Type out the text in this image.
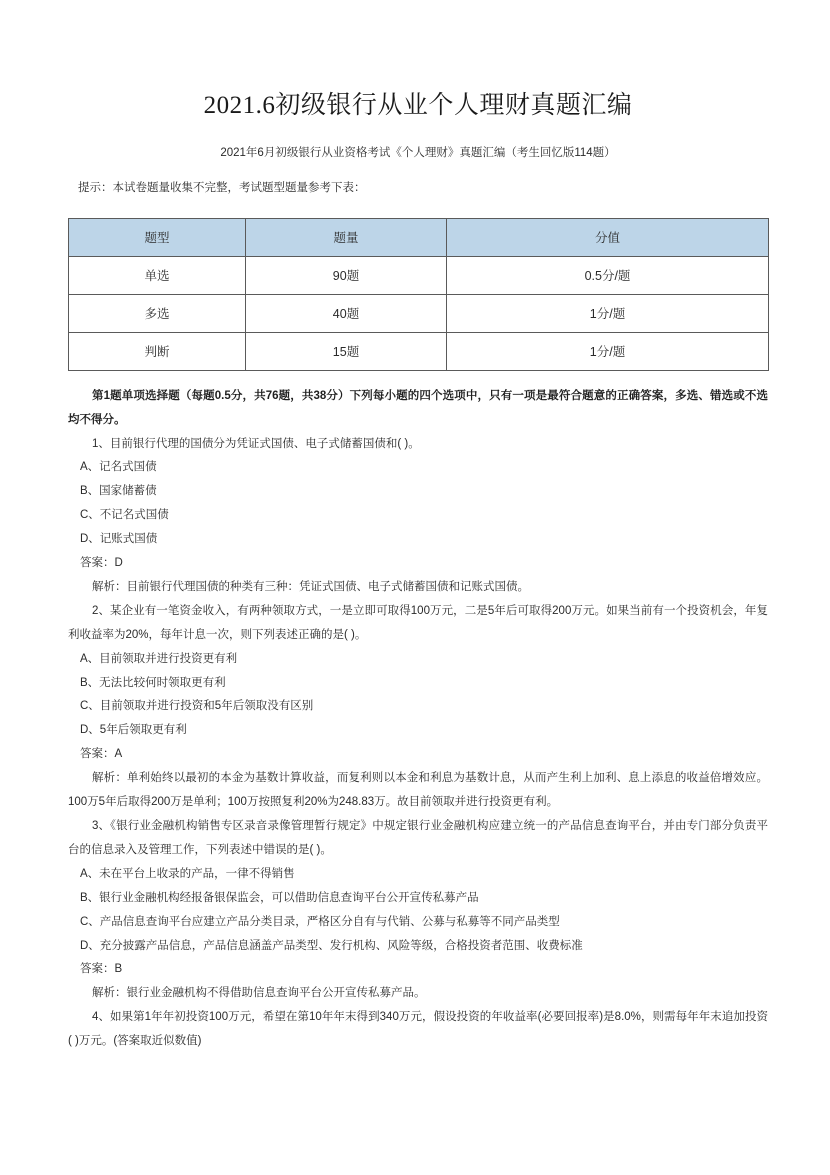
2021.6初级银行从业个人理财真题汇编

2021年6月初级银行从业资格考试《个人理财》真题汇编（考生回忆版114题）

提示：本试卷题量收集不完整，考试题型题量参考下表：

题型	题量	分值
单选	90题	0.5分/题
多选	40题	1分/题
判断	15题	1分/题

第1题单项选择题（每题0.5分，共76题，共38分）下列每小题的四个选项中，只有一项是最符合题意的正确答案，多选、错选或不选均不得分。

1、目前银行代理的国债分为凭证式国债、电子式储蓄国债和( )。

A、记名式国债

B、国家储蓄债

C、不记名式国债

D、记账式国债

答案：D

解析：目前银行代理国债的种类有三种：凭证式国债、电子式储蓄国债和记账式国债。

2、某企业有一笔资金收入，有两种领取方式，一是立即可取得100万元，二是5年后可取得200万元。如果当前有一个投资机会，年复利收益率为20%，每年计息一次，则下列表述正确的是( )。

A、目前领取并进行投资更有利

B、无法比较何时领取更有利

C、目前领取并进行投资和5年后领取没有区别

D、5年后领取更有利

答案：A

解析：单利始终以最初的本金为基数计算收益，而复利则以本金和利息为基数计息，从而产生利上加利、息上添息的收益倍增效应。100万5年后取得200万是单利；100万按照复利20%为248.83万。故目前领取并进行投资更有利。

3、《银行业金融机构销售专区录音录像管理暂行规定》中规定银行业金融机构应建立统一的产品信息查询平台，并由专门部分负责平台的信息录入及管理工作，下列表述中错误的是( )。

A、未在平台上收录的产品，一律不得销售

B、银行业金融机构经报备银保监会，可以借助信息查询平台公开宣传私募产品

C、产品信息查询平台应建立产品分类目录，严格区分自有与代销、公募与私募等不同产品类型

D、充分披露产品信息，产品信息涵盖产品类型、发行机构、风险等级，合格投资者范围、收费标准

答案：B

解析：银行业金融机构不得借助信息查询平台公开宣传私募产品。

4、如果第1年年初投资100万元，希望在第10年年末得到340万元，假设投资的年收益率(必要回报率)是8.0%，则需每年年末追加投资( )万元。(答案取近似数值)
